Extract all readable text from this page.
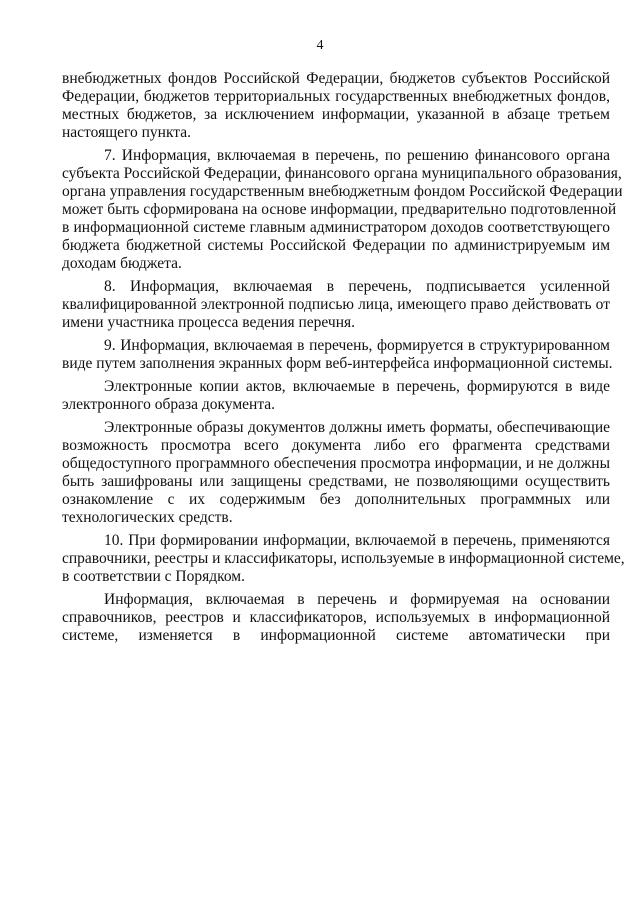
4
внебюджетных фондов Российской Федерации, бюджетов субъектов Российской
Федерации, бюджетов территориальных государственных внебюджетных фондов,
местных бюджетов, за исключением информации, указанной в абзаце третьем
настоящего пункта.
7. Информация, включаемая в перечень, по решению финансового органа
субъекта Российской Федерации, финансового органа муниципального образования,
органа управления государственным внебюджетным фондом Российской Федерации
может быть сформирована на основе информации, предварительно подготовленной
в информационной системе главным администратором доходов соответствующего
бюджета бюджетной системы Российской Федерации по администрируемым им
доходам бюджета.
8. Информация, включаемая в перечень, подписывается усиленной
квалифицированной электронной подписью лица, имеющего право действовать от
имени участника процесса ведения перечня.
9. Информация, включаемая в перечень, формируется в структурированном
виде путем заполнения экранных форм веб-интерфейса информационной системы.
Электронные копии актов, включаемые в перечень, формируются в виде
электронного образа документа.
Электронные образы документов должны иметь форматы, обеспечивающие
возможность просмотра всего документа либо его фрагмента средствами
общедоступного программного обеспечения просмотра информации, и не должны
быть зашифрованы или защищены средствами, не позволяющими осуществить
ознакомление с их содержимым без дополнительных программных или
технологических средств.
10. При формировании информации, включаемой в перечень, применяются
справочники, реестры и классификаторы, используемые в информационной системе,
в соответствии с Порядком.
Информация, включаемая в перечень и формируемая на основании
справочников, реестров и классификаторов, используемых в информационной
системе, изменяется в информационной системе автоматически при
